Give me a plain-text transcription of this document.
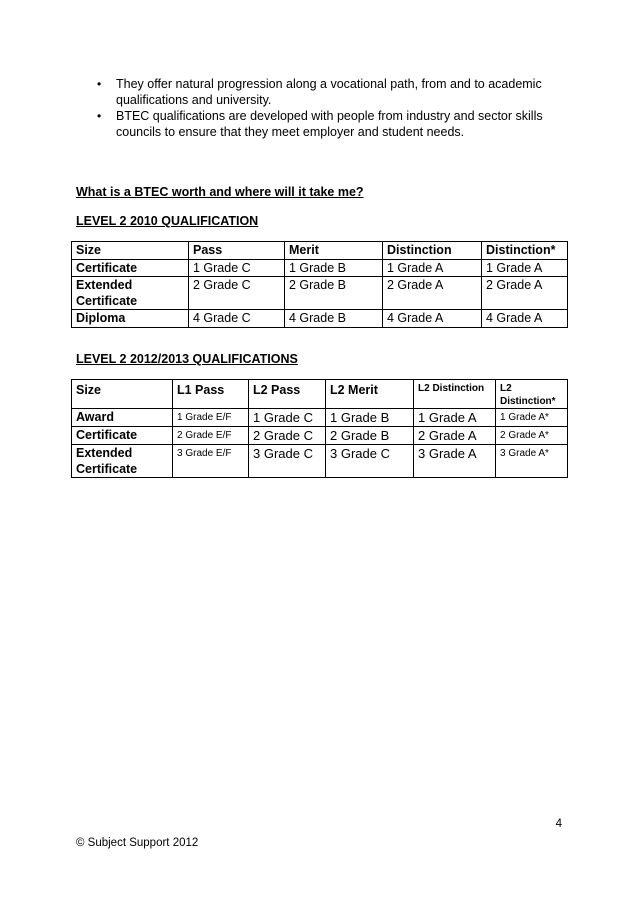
• They offer natural progression along a vocational path, from and to academic qualifications and university.
• BTEC qualifications are developed with people from industry and sector skills councils to ensure that they meet employer and student needs.
What is a BTEC worth and where will it take me?
LEVEL 2 2010 QUALIFICATION
Size	Pass	Merit	Distinction	Distinction*
Certificate	1 Grade C	1 Grade B	1 Grade A	1 Grade A
Extended Certificate	2 Grade C	2 Grade B	2 Grade A	2 Grade A
Diploma	4 Grade C	4 Grade B	4 Grade A	4 Grade A
LEVEL 2 2012/2013 QUALIFICATIONS
Size	L1 Pass	L2 Pass	L2 Merit	L2 Distinction	L2 Distinction*
Award	1 Grade E/F	1 Grade C	1 Grade B	1 Grade A	1 Grade A*
Certificate	2 Grade E/F	2 Grade C	2 Grade B	2 Grade A	2 Grade A*
Extended Certificate	3 Grade E/F	3 Grade C	3 Grade C	3 Grade A	3 Grade A*
4
© Subject Support 2012
